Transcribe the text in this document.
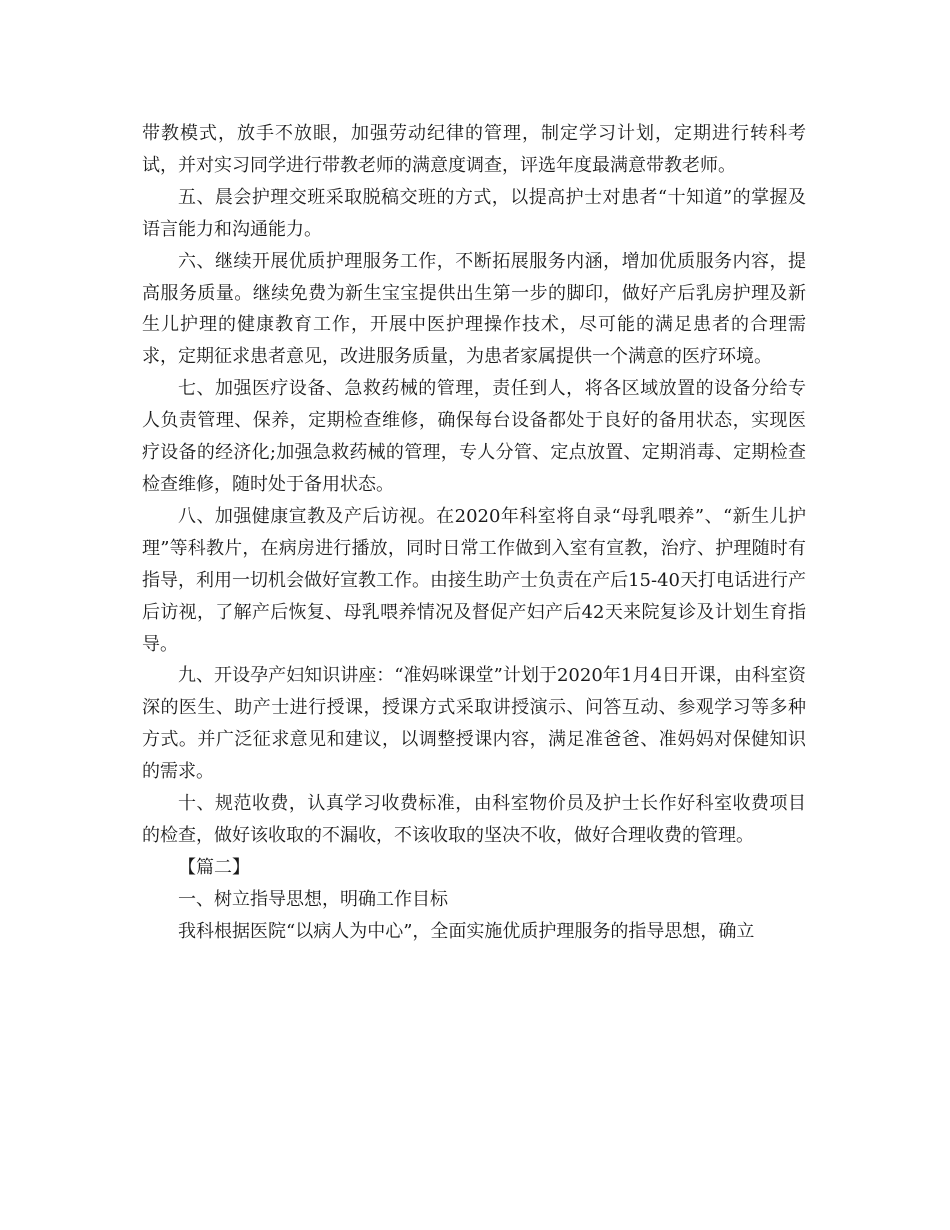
带教模式，放手不放眼，加强劳动纪律的管理，制定学习计划，定期进行转科考试，并对实习同学进行带教老师的满意度调查，评选年度最满意带教老师。

五、晨会护理交班采取脱稿交班的方式，以提高护士对患者“十知道”的掌握及语言能力和沟通能力。

六、继续开展优质护理服务工作，不断拓展服务内涵，增加优质服务内容，提高服务质量。继续免费为新生宝宝提供出生第一步的脚印，做好产后乳房护理及新生儿护理的健康教育工作，开展中医护理操作技术，尽可能的满足患者的合理需求，定期征求患者意见，改进服务质量，为患者家属提供一个满意的医疗环境。

七、加强医疗设备、急救药械的管理，责任到人，将各区域放置的设备分给专人负责管理、保养，定期检查维修，确保每台设备都处于良好的备用状态，实现医疗设备的经济化;加强急救药械的管理，专人分管、定点放置、定期消毒、定期检查检查维修，随时处于备用状态。

八、加强健康宣教及产后访视。在2020年科室将自录“母乳喂养”、“新生儿护理”等科教片，在病房进行播放，同时日常工作做到入室有宣教，治疗、护理随时有指导，利用一切机会做好宣教工作。由接生助产士负责在产后15-40天打电话进行产后访视，了解产后恢复、母乳喂养情况及督促产妇产后42天来院复诊及计划生育指导。

九、开设孕产妇知识讲座：“准妈咪课堂”计划于2020年1月4日开课，由科室资深的医生、助产士进行授课，授课方式采取讲授演示、问答互动、参观学习等多种方式。并广泛征求意见和建议，以调整授课内容，满足准爸爸、准妈妈对保健知识的需求。

十、规范收费，认真学习收费标准，由科室物价员及护士长作好科室收费项目的检查，做好该收取的不漏收，不该收取的坚决不收，做好合理收费的管理。

【篇二】

一、树立指导思想，明确工作目标

我科根据医院“以病人为中心”，全面实施优质护理服务的指导思想，确立
